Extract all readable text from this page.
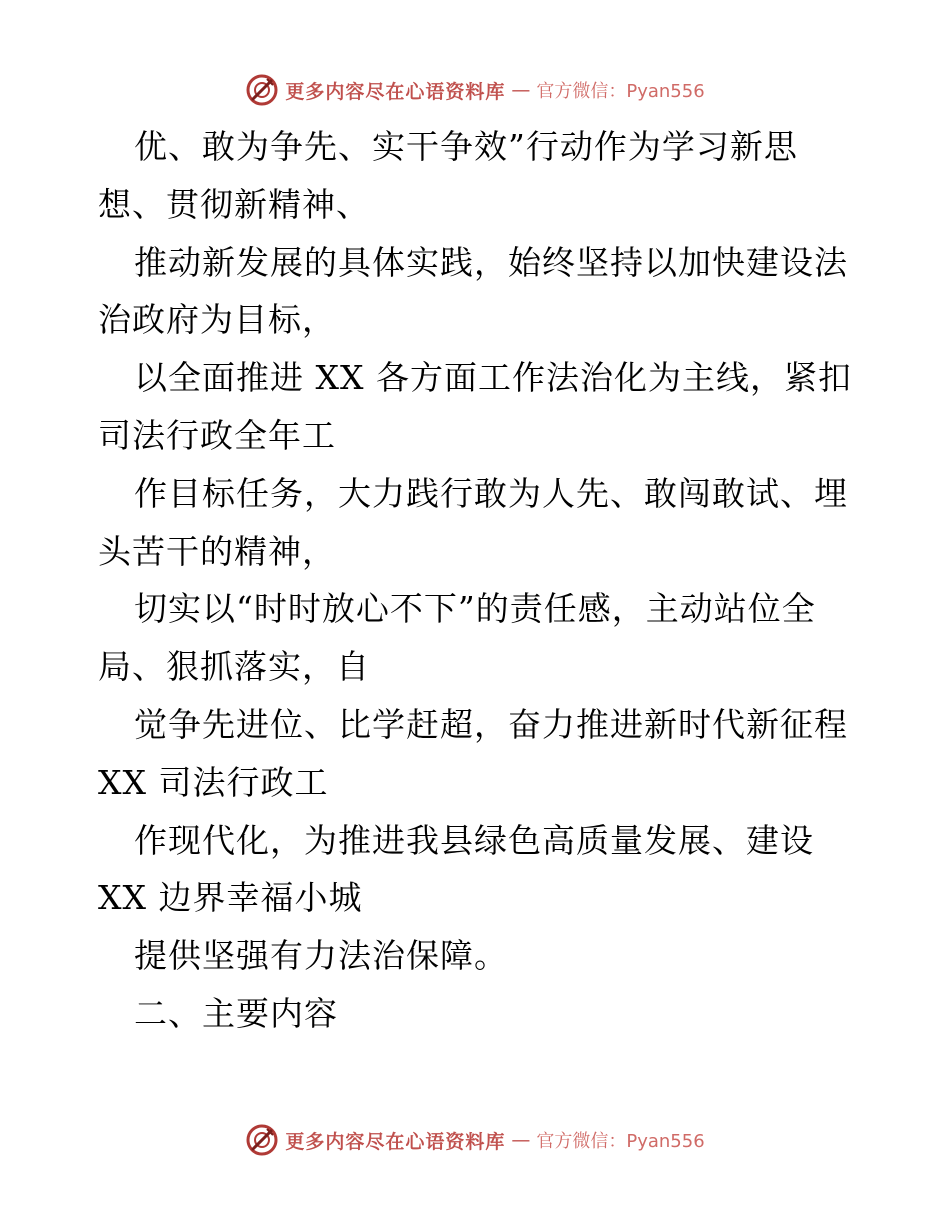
更多内容尽在心语资料库 — 官方微信：Pyan556
优、敢为争先、实干争效”行动作为学习新思
想、贯彻新精神、
推动新发展的具体实践，始终坚持以加快建设法
治政府为目标，
以全面推进 XX 各方面工作法治化为主线，紧扣
司法行政全年工
作目标任务，大力践行敢为人先、敢闯敢试、埋
头苦干的精神，
切实以“时时放心不下”的责任感，主动站位全
局、狠抓落实，自
觉争先进位、比学赶超，奋力推进新时代新征程
XX 司法行政工
作现代化，为推进我县绿色高质量发展、建设
XX 边界幸福小城
提供坚强有力法治保障。
二、主要内容
更多内容尽在心语资料库 — 官方微信：Pyan556
